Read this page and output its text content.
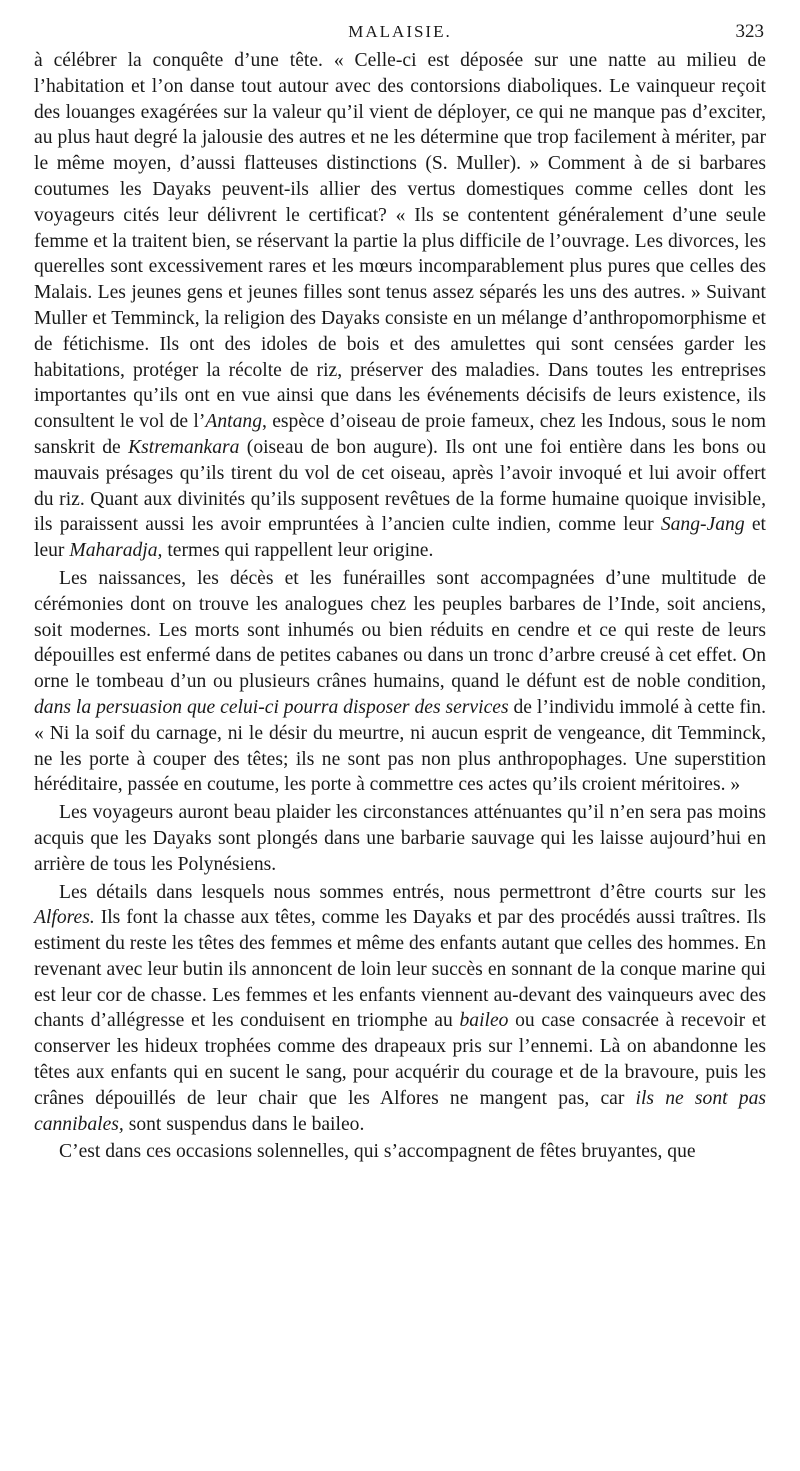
MALAISIE.	323

à célébrer la conquête d’une tête. « Celle-ci est déposée sur une natte au milieu de l’habitation et l’on danse tout autour avec des contorsions diaboliques. Le vainqueur reçoit des louanges exagérées sur la valeur qu’il vient de déployer, ce qui ne manque pas d’exciter, au plus haut degré la jalousie des autres et ne les détermine que trop facilement à mériter, par le même moyen, d’aussi flatteuses distinctions (S. Muller). » Comment à de si barbares coutumes les Dayaks peuvent-ils allier des vertus domestiques comme celles dont les voyageurs cités leur délivrent le certificat? « Ils se contentent généralement d’une seule femme et la traitent bien, se réservant la partie la plus difficile de l’ouvrage. Les divorces, les querelles sont excessivement rares et les mœurs incomparablement plus pures que celles des Malais. Les jeunes gens et jeunes filles sont tenus assez séparés les uns des autres. » Suivant Muller et Temminck, la religion des Dayaks consiste en un mélange d’anthropomorphisme et de fétichisme. Ils ont des idoles de bois et des amulettes qui sont censées garder les habitations, protéger la récolte de riz, préserver des maladies. Dans toutes les entreprises importantes qu’ils ont en vue ainsi que dans les événements décisifs de leurs existence, ils consultent le vol de l’Antang, espèce d’oiseau de proie fameux, chez les Indous, sous le nom sanskrit de Kstremankara (oiseau de bon augure). Ils ont une foi entière dans les bons ou mauvais présages qu’ils tirent du vol de cet oiseau, après l’avoir invoqué et lui avoir offert du riz. Quant aux divinités qu’ils supposent revêtues de la forme humaine quoique invisible, ils paraissent aussi les avoir empruntées à l’ancien culte indien, comme leur Sang-Jang et leur Maharadja, termes qui rappellent leur origine.

Les naissances, les décès et les funérailles sont accompagnées d’une multitude de cérémonies dont on trouve les analogues chez les peuples barbares de l’Inde, soit anciens, soit modernes. Les morts sont inhumés ou bien réduits en cendre et ce qui reste de leurs dépouilles est enfermé dans de petites cabanes ou dans un tronc d’arbre creusé à cet effet. On orne le tombeau d’un ou plusieurs crânes humains, quand le défunt est de noble condition, dans la persuasion que celui-ci pourra disposer des services de l’individu immolé à cette fin. « Ni la soif du carnage, ni le désir du meurtre, ni aucun esprit de vengeance, dit Temminck, ne les porte à couper des têtes; ils ne sont pas non plus anthropophages. Une superstition héréditaire, passée en coutume, les porte à commettre ces actes qu’ils croient méritoires. »

Les voyageurs auront beau plaider les circonstances atténuantes qu’il n’en sera pas moins acquis que les Dayaks sont plongés dans une barbarie sauvage qui les laisse aujourd’hui en arrière de tous les Polynésiens.

Les détails dans lesquels nous sommes entrés, nous permettront d’être courts sur les Alfores. Ils font la chasse aux têtes, comme les Dayaks et par des procédés aussi traîtres. Ils estiment du reste les têtes des femmes et même des enfants autant que celles des hommes. En revenant avec leur butin ils annoncent de loin leur succès en sonnant de la conque marine qui est leur cor de chasse. Les femmes et les enfants viennent au-devant des vainqueurs avec des chants d’allégresse et les conduisent en triomphe au baileo ou case consacrée à recevoir et conserver les hideux trophées comme des drapeaux pris sur l’ennemi. Là on abandonne les têtes aux enfants qui en sucent le sang, pour acquérir du courage et de la bravoure, puis les crânes dépouillés de leur chair que les Alfores ne mangent pas, car ils ne sont pas cannibales, sont suspendus dans le baileo.

C’est dans ces occasions solennelles, qui s’accompagnent de fêtes bruyantes, que
